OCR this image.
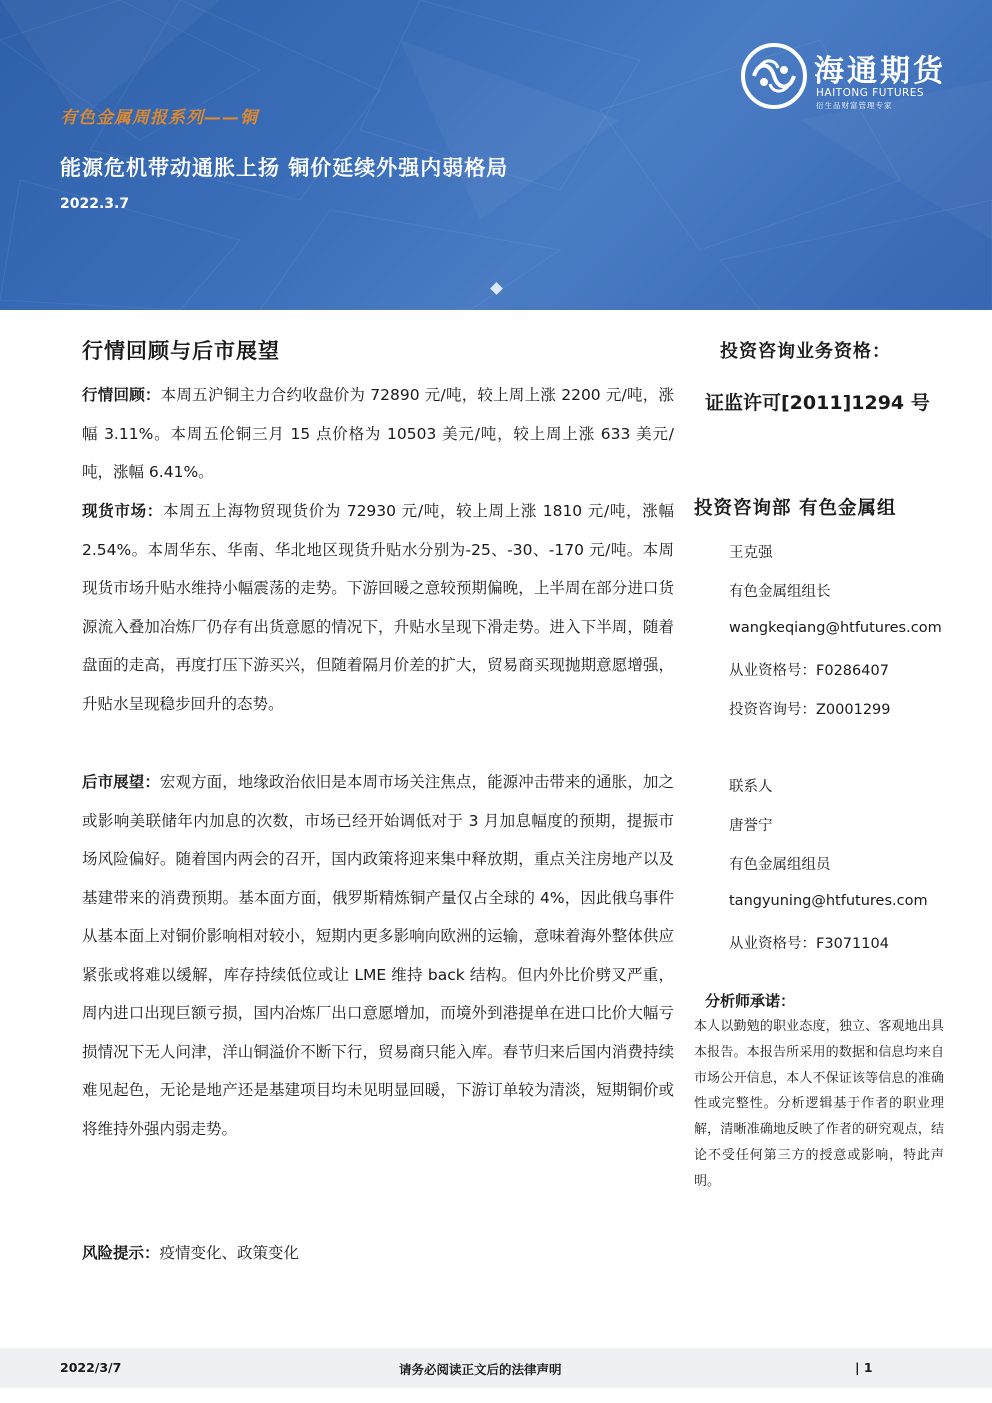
有色金属周报系列——铜
能源危机带动通胀上扬 铜价延续外强内弱格局
2022.3.7
海通期货
HAITONG FUTURES
衍生品财富管理专家
行情回顾与后市展望

行情回顾：本周五沪铜主力合约收盘价为 72890 元/吨，较上周上涨 2200 元/吨，涨幅 3.11%。本周五伦铜三月 15 点价格为 10503 美元/吨，较上周上涨 633 美元/吨，涨幅 6.41%。

现货市场：本周五上海物贸现货价为 72930 元/吨，较上周上涨 1810 元/吨，涨幅 2.54%。本周华东、华南、华北地区现货升贴水分别为-25、-30、-170 元/吨。本周现货市场升贴水维持小幅震荡的走势。下游回暖之意较预期偏晚，上半周在部分进口货源流入叠加冶炼厂仍存有出货意愿的情况下，升贴水呈现下滑走势。进入下半周，随着盘面的走高，再度打压下游买兴，但随着隔月价差的扩大，贸易商买现抛期意愿增强，升贴水呈现稳步回升的态势。

后市展望：宏观方面，地缘政治依旧是本周市场关注焦点，能源冲击带来的通胀，加之或影响美联储年内加息的次数，市场已经开始调低对于 3 月加息幅度的预期，提振市场风险偏好。随着国内两会的召开，国内政策将迎来集中释放期，重点关注房地产以及基建带来的消费预期。基本面方面，俄罗斯精炼铜产量仅占全球的 4%，因此俄乌事件从基本面上对铜价影响相对较小，短期内更多影响向欧洲的运输，意味着海外整体供应紧张或将难以缓解，库存持续低位或让 LME 维持 back 结构。但内外比价劈叉严重，周内进口出现巨额亏损，国内冶炼厂出口意愿增加，而境外到港提单在进口比价大幅亏损情况下无人问津，洋山铜溢价不断下行，贸易商只能入库。春节归来后国内消费持续难见起色，无论是地产还是基建项目均未见明显回暖，下游订单较为清淡，短期铜价或将维持外强内弱走势。

风险提示：疫情变化、政策变化

投资咨询业务资格：
证监许可[2011]1294 号
投资咨询部 有色金属组
王克强
有色金属组组长
wangkeqiang@htfutures.com
从业资格号：F0286407
投资咨询号：Z0001299
联系人
唐誉宁
有色金属组组员
tangyuning@htfutures.com
从业资格号：F3071104
分析师承诺：
本人以勤勉的职业态度，独立、客观地出具本报告。本报告所采用的数据和信息均来自市场公开信息，本人不保证该等信息的准确性或完整性。分析逻辑基于作者的职业理解，清晰准确地反映了作者的研究观点，结论不受任何第三方的授意或影响，特此声明。
2022/3/7	请务必阅读正文后的法律声明	| 1
